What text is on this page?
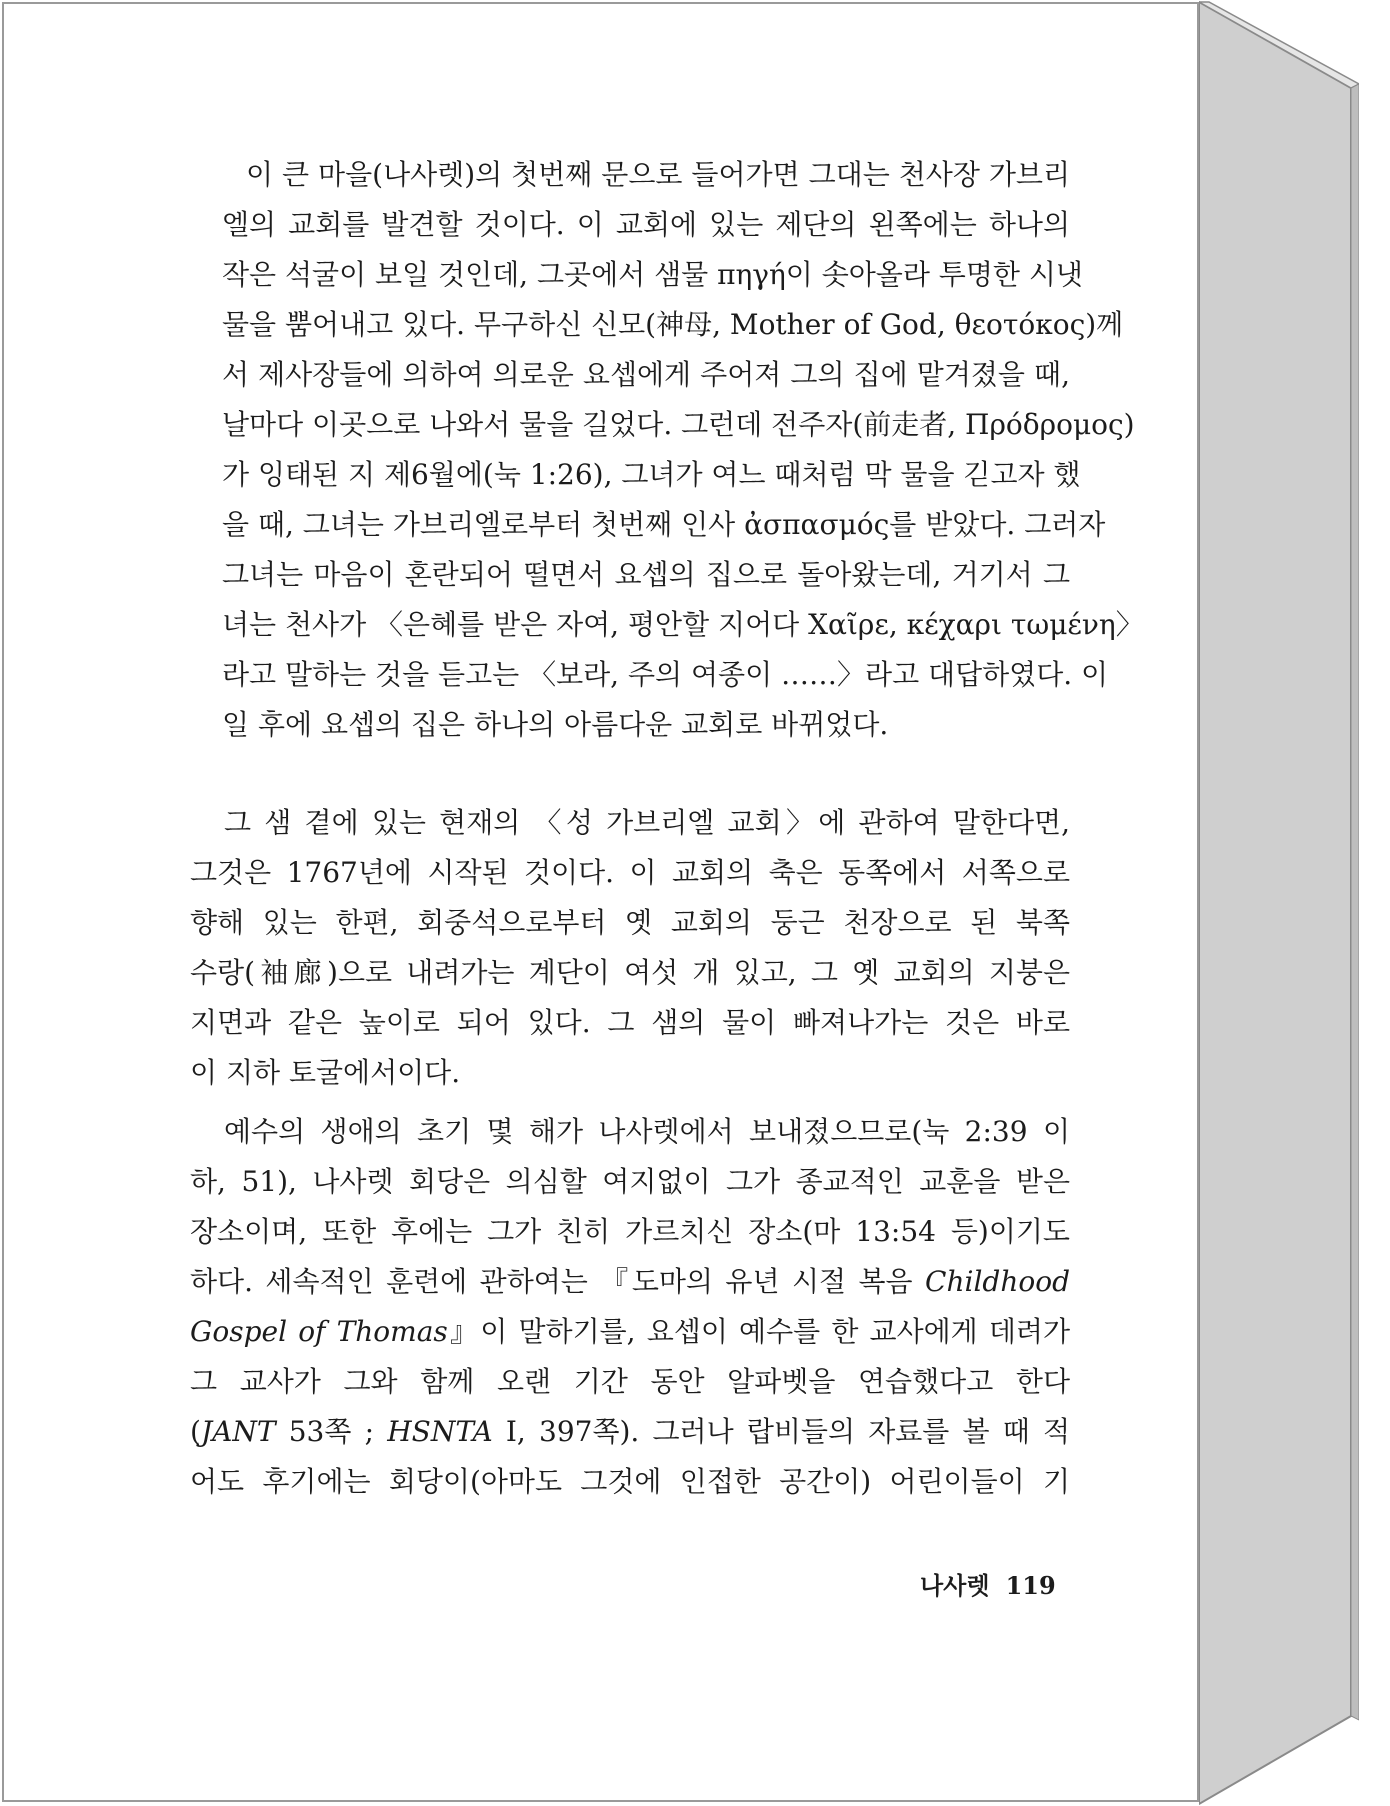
이 큰 마을(나사렛)의 첫번째 문으로 들어가면 그대는 천사장 가브리
엘의 교회를 발견할 것이다. 이 교회에 있는 제단의 왼쪽에는 하나의
작은 석굴이 보일 것인데, 그곳에서 샘물 πηγή이 솟아올라 투명한 시냇
물을 뿜어내고 있다. 무구하신 신모(神母, Mother of God, θεοτόκος)께
서 제사장들에 의하여 의로운 요셉에게 주어져 그의 집에 맡겨졌을 때,
날마다 이곳으로 나와서 물을 길었다. 그런데 전주자(前走者, Πρόδρομος)
가 잉태된 지 제6월에(눅 1:26), 그녀가 여느 때처럼 막 물을 긷고자 했
을 때, 그녀는 가브리엘로부터 첫번째 인사 ἀσπασμός를 받았다. 그러자
그녀는 마음이 혼란되어 떨면서 요셉의 집으로 돌아왔는데, 거기서 그
녀는 천사가 〈은혜를 받은 자여, 평안할 지어다 Χαῖρε, κέχαρι τωμένη〉
라고 말하는 것을 듣고는 〈보라, 주의 여종이 ……〉라고 대답하였다. 이
일 후에 요셉의 집은 하나의 아름다운 교회로 바뀌었다.
그 샘 곁에 있는 현재의 〈성 가브리엘 교회〉에 관하여 말한다면,
그것은 1767년에 시작된 것이다. 이 교회의 축은 동쪽에서 서쪽으로
향해 있는 한편, 회중석으로부터 옛 교회의 둥근 천장으로 된 북쪽
수랑(袖廊)으로 내려가는 계단이 여섯 개 있고, 그 옛 교회의 지붕은
지면과 같은 높이로 되어 있다. 그 샘의 물이 빠져나가는 것은 바로
이 지하 토굴에서이다.
예수의 생애의 초기 몇 해가 나사렛에서 보내졌으므로(눅 2:39 이
하, 51), 나사렛 회당은 의심할 여지없이 그가 종교적인 교훈을 받은
장소이며, 또한 후에는 그가 친히 가르치신 장소(마 13:54 등)이기도
하다. 세속적인 훈련에 관하여는 『도마의 유년 시절 복음 Childhood
Gospel of Thomas』이 말하기를, 요셉이 예수를 한 교사에게 데려가
그 교사가 그와 함께 오랜 기간 동안 알파벳을 연습했다고 한다
(JANT 53쪽 ; HSNTA I, 397쪽). 그러나 랍비들의 자료를 볼 때 적
어도 후기에는 회당이(아마도 그것에 인접한 공간이) 어린이들이 기
나사렛 119
